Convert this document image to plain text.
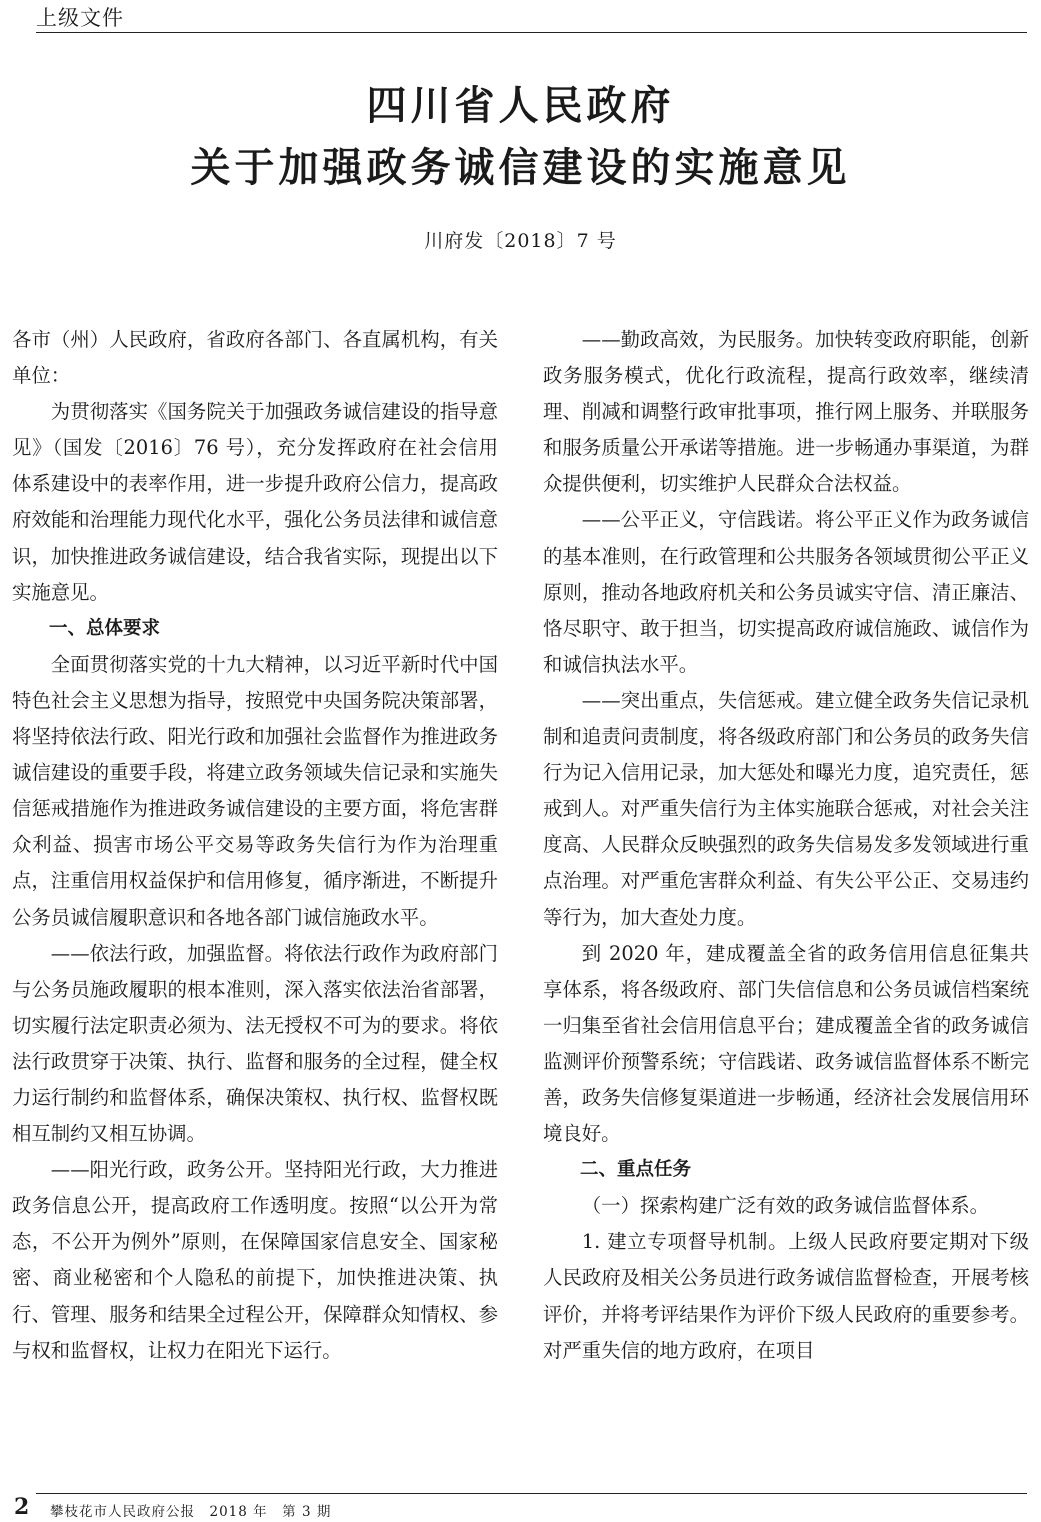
上级文件
四川省人民政府
关于加强政务诚信建设的实施意见
川府发〔2018〕7 号

各市（州）人民政府，省政府各部门、各直属机构，有关单位：

为贯彻落实《国务院关于加强政务诚信建设的指导意见》（国发〔2016〕76 号），充分发挥政府在社会信用体系建设中的表率作用，进一步提升政府公信力，提高政府效能和治理能力现代化水平，强化公务员法律和诚信意识，加快推进政务诚信建设，结合我省实际，现提出以下实施意见。

一、总体要求

全面贯彻落实党的十九大精神，以习近平新时代中国特色社会主义思想为指导，按照党中央国务院决策部署，将坚持依法行政、阳光行政和加强社会监督作为推进政务诚信建设的重要手段，将建立政务领域失信记录和实施失信惩戒措施作为推进政务诚信建设的主要方面，将危害群众利益、损害市场公平交易等政务失信行为作为治理重点，注重信用权益保护和信用修复，循序渐进，不断提升公务员诚信履职意识和各地各部门诚信施政水平。

——依法行政，加强监督。将依法行政作为政府部门与公务员施政履职的根本准则，深入落实依法治省部署，切实履行法定职责必须为、法无授权不可为的要求。将依法行政贯穿于决策、执行、监督和服务的全过程，健全权力运行制约和监督体系，确保决策权、执行权、监督权既相互制约又相互协调。

——阳光行政，政务公开。坚持阳光行政，大力推进政务信息公开，提高政府工作透明度。按照“以公开为常态，不公开为例外”原则，在保障国家信息安全、国家秘密、商业秘密和个人隐私的前提下，加快推进决策、执行、管理、服务和结果全过程公开，保障群众知情权、参与权和监督权，让权力在阳光下运行。

——勤政高效，为民服务。加快转变政府职能，创新政务服务模式，优化行政流程，提高行政效率，继续清理、削减和调整行政审批事项，推行网上服务、并联服务和服务质量公开承诺等措施。进一步畅通办事渠道，为群众提供便利，切实维护人民群众合法权益。

——公平正义，守信践诺。将公平正义作为政务诚信的基本准则，在行政管理和公共服务各领域贯彻公平正义原则，推动各地政府机关和公务员诚实守信、清正廉洁、恪尽职守、敢于担当，切实提高政府诚信施政、诚信作为和诚信执法水平。

——突出重点，失信惩戒。建立健全政务失信记录机制和追责问责制度，将各级政府部门和公务员的政务失信行为记入信用记录，加大惩处和曝光力度，追究责任，惩戒到人。对严重失信行为主体实施联合惩戒，对社会关注度高、人民群众反映强烈的政务失信易发多发领域进行重点治理。对严重危害群众利益、有失公平公正、交易违约等行为，加大查处力度。

到 2020 年，建成覆盖全省的政务信用信息征集共享体系，将各级政府、部门失信信息和公务员诚信档案统一归集至省社会信用信息平台；建成覆盖全省的政务诚信监测评价预警系统；守信践诺、政务诚信监督体系不断完善，政务失信修复渠道进一步畅通，经济社会发展信用环境良好。

二、重点任务

（一）探索构建广泛有效的政务诚信监督体系。

1. 建立专项督导机制。上级人民政府要定期对下级人民政府及相关公务员进行政务诚信监督检查，开展考核评价，并将考评结果作为评价下级人民政府的重要参考。对严重失信的地方政府，在项目

2 攀枝花市人民政府公报　2018 年　第 3 期
